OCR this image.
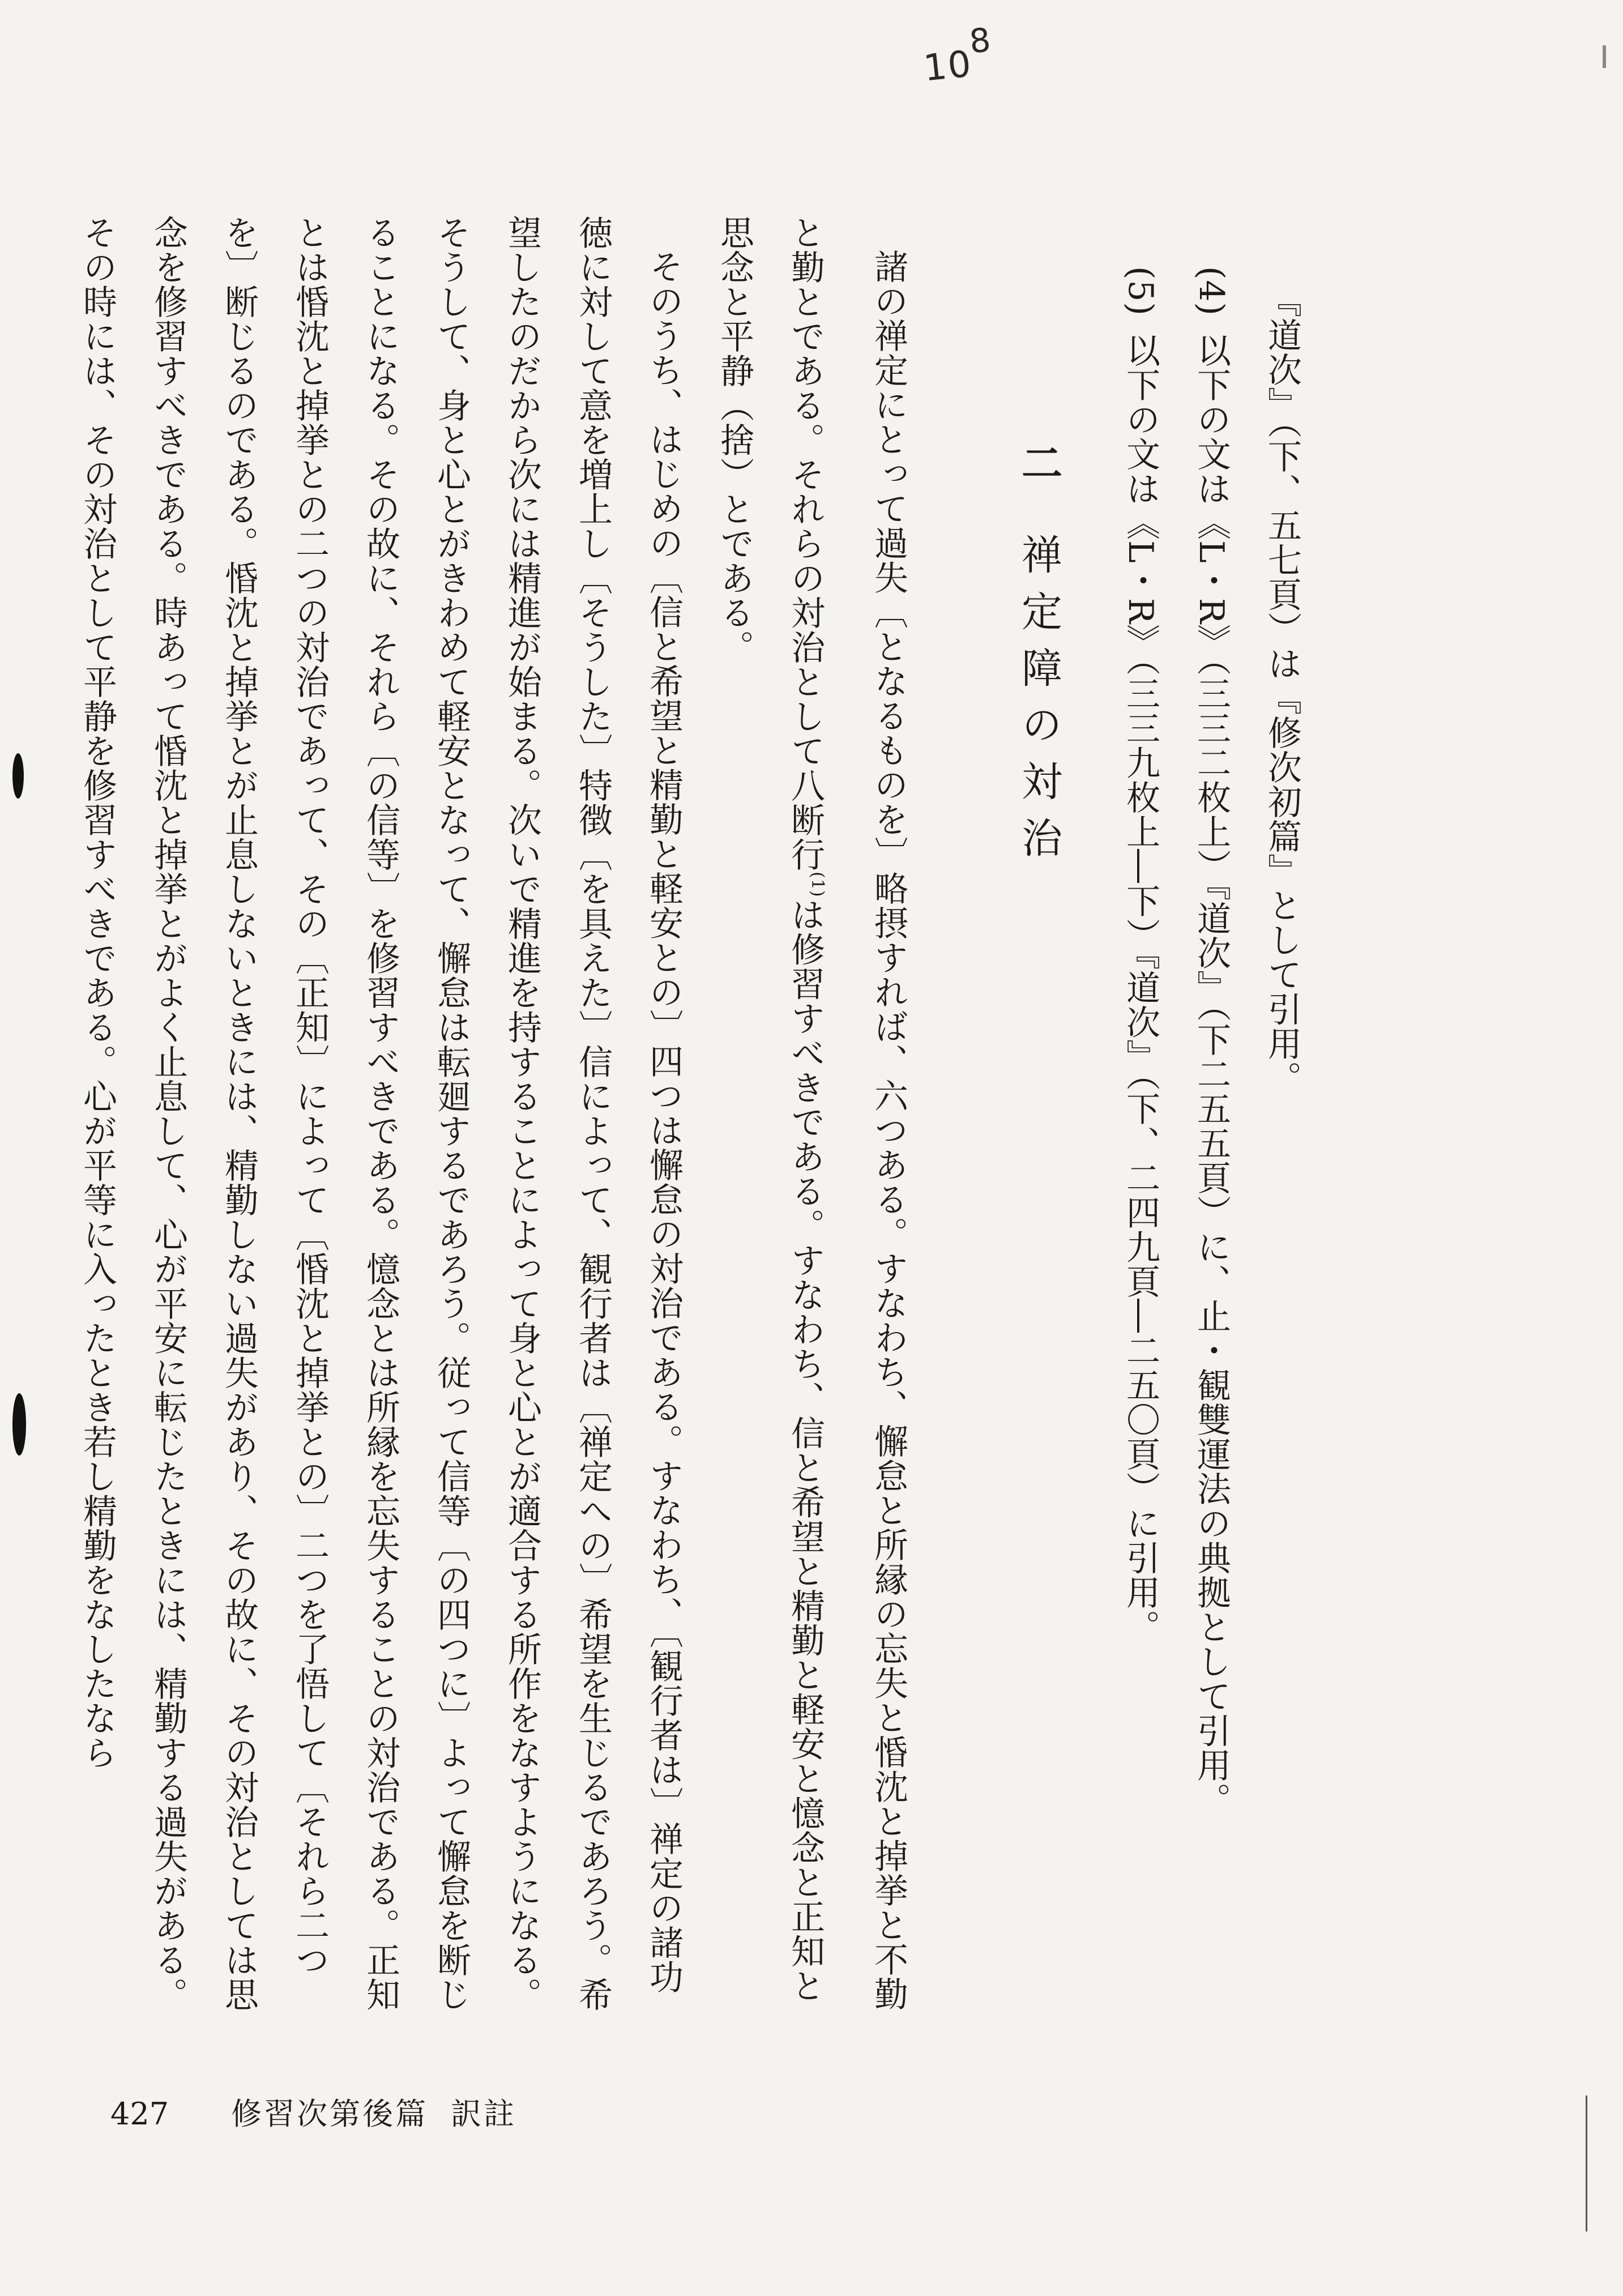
$10^8$
『道次』（下、五七頁）は『修次初篇』として引用。
(4)以下の文は《L・R》（三三二枚上）『道次』（下二五五頁）に、止・観雙運法の典拠として引用。
(5)以下の文は《L・R》（三三九枚上―下）『道次』（下、二四九頁―二五〇頁）に引用。
二禅定障の対治

諸の禅定にとって過失〔となるものを〕略摂すれば、六つある。すなわち、懈怠と所縁の忘失と惛沈と掉挙と不勤と勤とである。それらの対治として八断行$^{(1)}$は修習すべきである。すなわち、信と希望と精勤と軽安と憶念と正知と思念と平静（捨）とである。

そのうち、はじめの〔信と希望と精勤と軽安との〕四つは懈怠の対治である。すなわち、〔観行者は〕禅定の諸功徳に対して意を増上し〔そうした〕特徴〔を具えた〕信によって、観行者は〔禅定への〕希望を生じるであろう。希望したのだから次には精進が始まる。次いで精進を持することによって身と心とが適合する所作をなすようになる。そうして、身と心とがきわめて軽安となって、懈怠は転廻するであろう。従って信等〔の四つに〕よって懈怠を断じることになる。その故に、それら〔の信等〕を修習すべきである。憶念とは所縁を忘失することの対治である。正知とは惛沈と掉挙との二つの対治であって、その〔正知〕によって〔惛沈と掉挙との〕二つを了悟して〔それら二つを〕断じるのである。惛沈と掉挙とが止息しないときには、精勤しない過失があり、その故に、その対治としては思念を修習すべきである。時あって惛沈と掉挙とがよく止息して、心が平安に転じたときには、精勤する過失がある。その時には、その対治として平静を修習すべきである。心が平等に入ったとき若し精勤をなしたなら

427 修習次第後篇 訳註
